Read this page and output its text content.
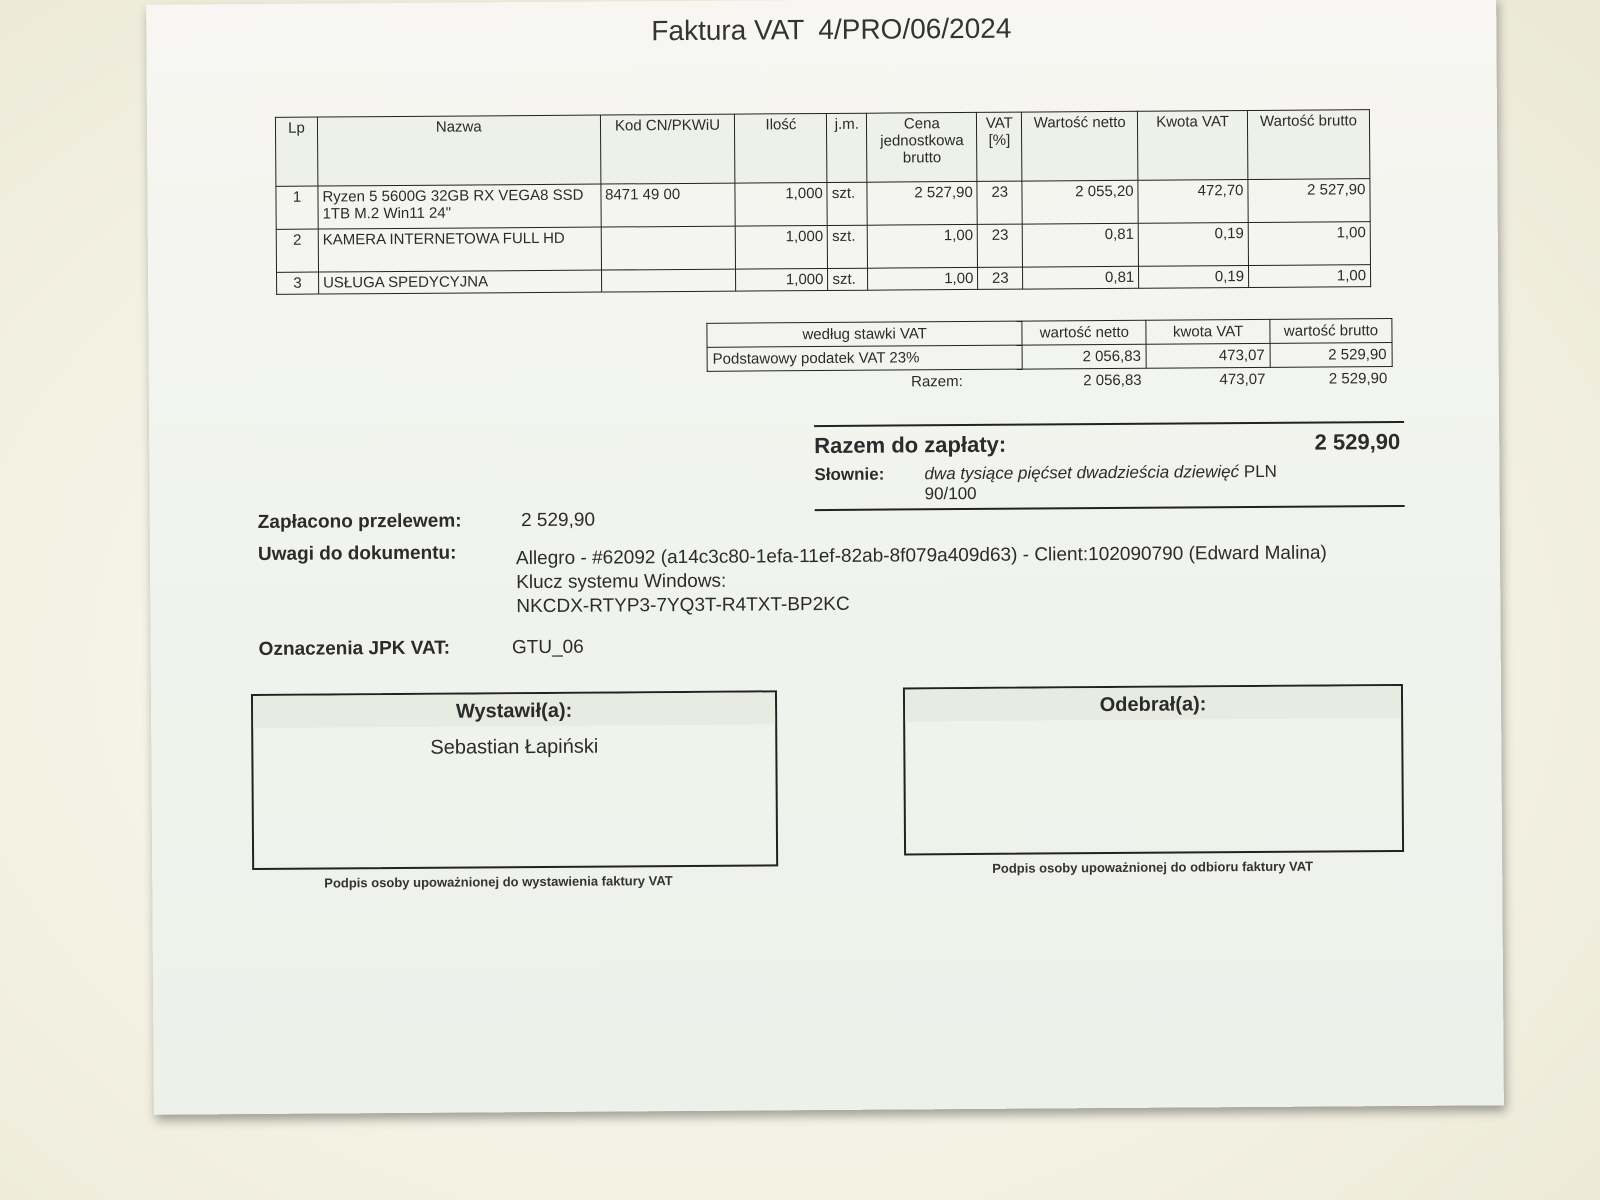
Faktura VAT 4/PRO/06/2024
Lp	Nazwa	Kod CN/PKWiU	Ilość	j.m.	Cena jednostkowa brutto	VAT [%]	Wartość netto	Kwota VAT	Wartość brutto
1	Ryzen 5 5600G 32GB RX VEGA8 SSD 1TB M.2 Win11 24"	8471 49 00	1,000	szt.	2 527,90	23	2 055,20	472,70	2 527,90
2	KAMERA INTERNETOWA FULL HD		1,000	szt.	1,00	23	0,81	0,19	1,00
3	USŁUGA SPEDYCYJNA		1,000	szt.	1,00	23	0,81	0,19	1,00
według stawki VAT	wartość netto	kwota VAT	wartość brutto
Podstawowy podatek VAT 23%	2 056,83	473,07	2 529,90
Razem:	2 056,83	473,07	2 529,90
Razem do zapłaty:	2 529,90
Słownie:	dwa tysiące pięćset dwadzieścia dziewięć PLN
90/100
Zapłacono przelewem:	2 529,90
Uwagi do dokumentu:	Allegro - #62092 (a14c3c80-1efa-11ef-82ab-8f079a409d63) - Client:102090790 (Edward Malina)
Klucz systemu Windows:
NKCDX-RTYP3-7YQ3T-R4TXT-BP2KC
Oznaczenia JPK VAT:	GTU_06
Wystawił(a):
Sebastian Łapiński
Podpis osoby upoważnionej do wystawienia faktury VAT
Odebrał(a):
Podpis osoby upoważnionej do odbioru faktury VAT
